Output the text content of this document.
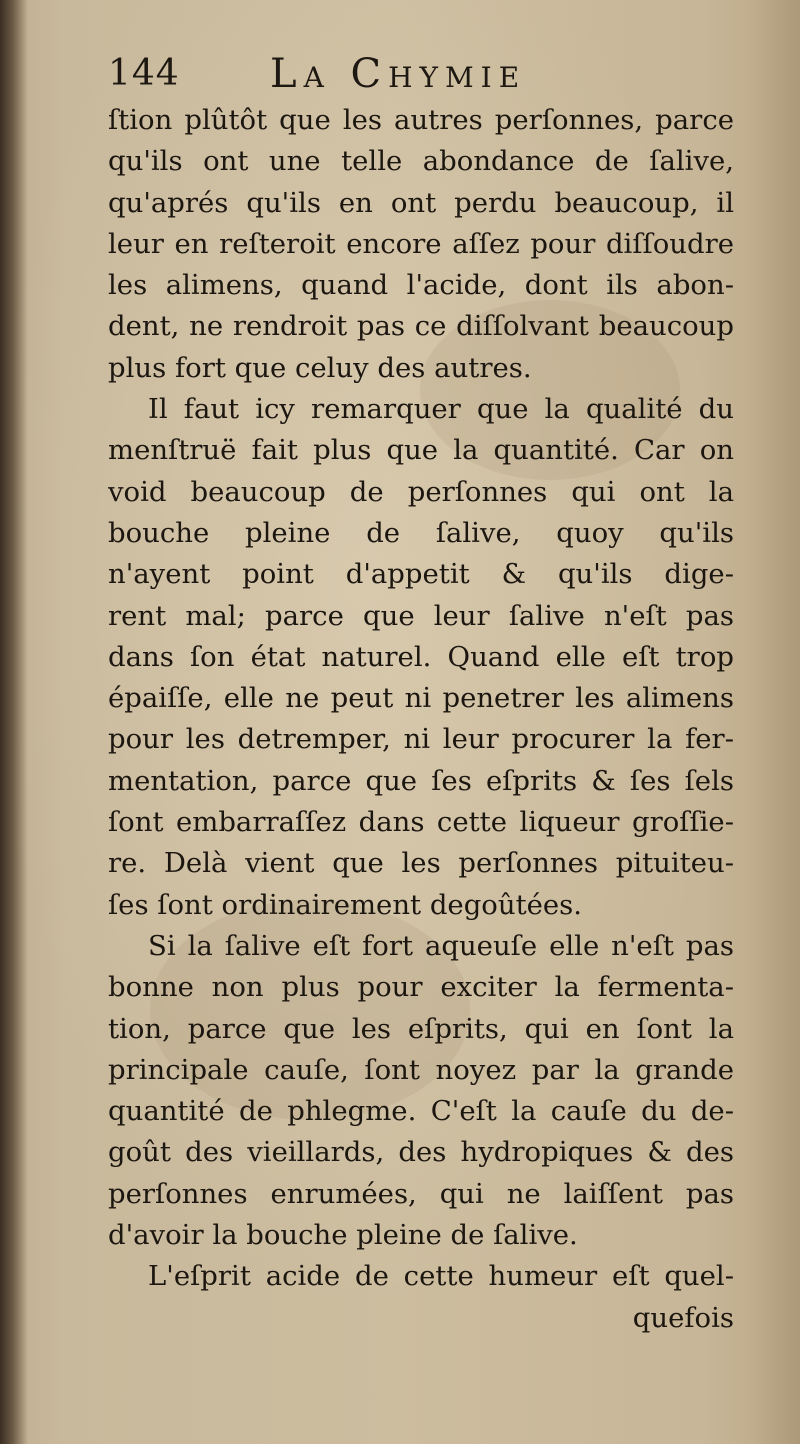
144 La Chymie
ſtion plûtôt que les autres perſonnes, parce
qu'ils ont une telle abondance de ſalive,
qu'aprés qu'ils en ont perdu beaucoup, il
leur en reſteroit encore aſſez pour diſſoudre
les alimens, quand l'acide, dont ils abon-
dent, ne rendroit pas ce diſſolvant beaucoup
plus fort que celuy des autres.
Il faut icy remarquer que la qualité du
menſtruë fait plus que la quantité. Car on
void beaucoup de perſonnes qui ont la
bouche pleine de ſalive, quoy qu'ils
n'ayent point d'appetit & qu'ils dige-
rent mal; parce que leur ſalive n'eſt pas
dans ſon état naturel. Quand elle eſt trop
épaiſſe, elle ne peut ni penetrer les alimens
pour les detremper, ni leur procurer la fer-
mentation, parce que ſes eſprits & ſes ſels
ſont embarraſſez dans cette liqueur groſſie-
re. Delà vient que les perſonnes pituiteu-
ſes ſont ordinairement degoûtées.
Si la ſalive eſt fort aqueuſe elle n'eſt pas
bonne non plus pour exciter la fermenta-
tion, parce que les eſprits, qui en ſont la
principale cauſe, ſont noyez par la grande
quantité de phlegme. C'eſt la cauſe du de-
goût des vieillards, des hydropiques & des
perſonnes enrumées, qui ne laiſſent pas
d'avoir la bouche pleine de ſalive.
L'eſprit acide de cette humeur eſt quel-
quefois
